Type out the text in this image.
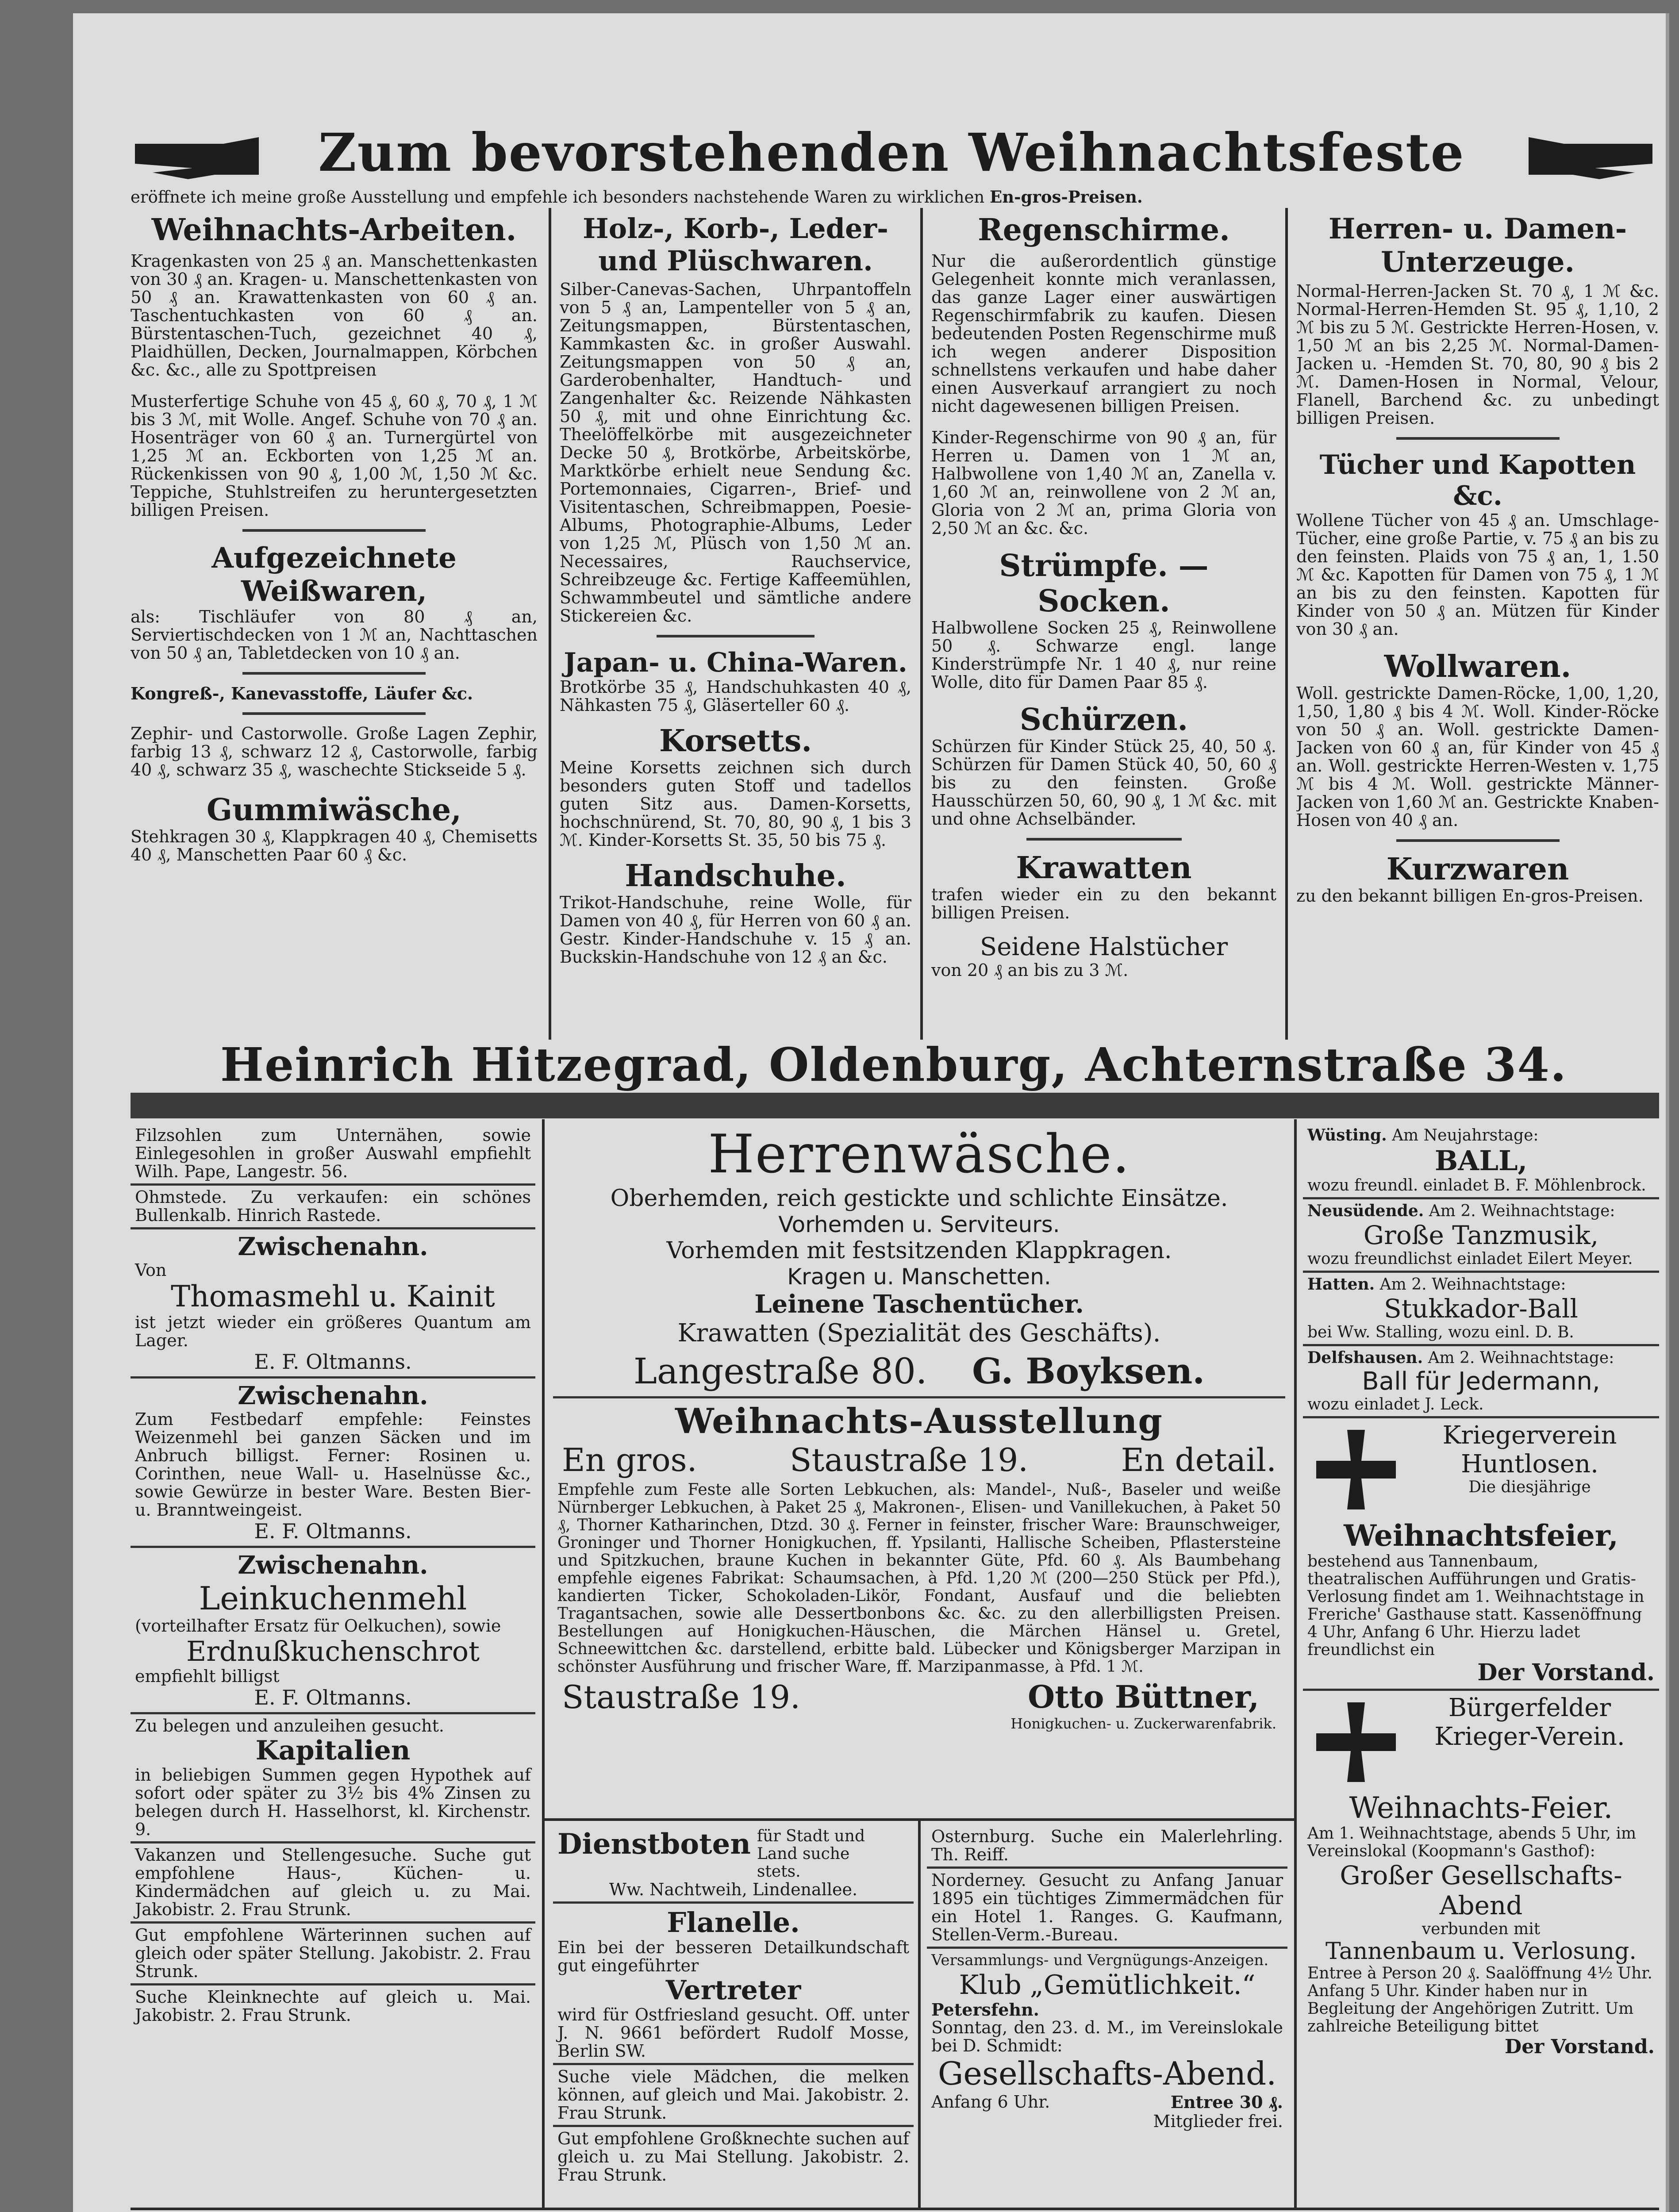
Zum bevorstehenden Weihnachtsfeste
eröffnete ich meine große Ausstellung und empfehle ich besonders nachstehende Waren zu wirklichen En-gros-Preisen.
Weihnachts-Arbeiten.
Kragenkasten von 25 ₰ an. Manschettenkasten von 30 ₰ an. Kragen- u. Manschettenkasten von 50 ₰ an. Krawattenkasten von 60 ₰ an. Taschentuchkasten von 60 ₰ an. Bürstentaschen-Tuch, gezeichnet 40 ₰, Plaidhüllen, Decken, Journalmappen, Körbchen &c. &c., alle zu Spottpreisen
Musterfertige Schuhe von 45 ₰, 60 ₰, 70 ₰, 1 ℳ bis 3 ℳ, mit Wolle. Angef. Schuhe von 70 ₰ an. Hosenträger von 60 ₰ an. Turnergürtel von 1,25 ℳ an. Eckborten von 1,25 ℳ an. Rückenkissen von 90 ₰, 1,00 ℳ, 1,50 ℳ &c. Teppiche, Stuhlstreifen zu heruntergesetzten billigen Preisen.
Aufgezeichnete Weißwaren,
als: Tischläufer von 80 ₰ an, Serviertischdecken von 1 ℳ an, Nachttaschen von 50 ₰ an, Tabletdecken von 10 ₰ an.
Kongreß-, Kanevasstoffe, Läufer &c.
Zephir- und Castorwolle. Große Lagen Zephir, farbig 13 ₰, schwarz 12 ₰, Castorwolle, farbig 40 ₰, schwarz 35 ₰, waschechte Stickseide 5 ₰.
Gummiwäsche,
Stehkragen 30 ₰, Klappkragen 40 ₰, Chemisetts 40 ₰, Manschetten Paar 60 ₰ &c.
Holz-, Korb-, Leder- und Plüschwaren.
Silber-Canevas-Sachen, Uhrpantoffeln von 5 ₰ an, Lampenteller von 5 ₰ an, Zeitungsmappen, Bürstentaschen, Kammkasten &c. in großer Auswahl. Zeitungsmappen von 50 ₰ an, Garderobenhalter, Handtuch- und Zangenhalter &c. Reizende Nähkasten 50 ₰, mit und ohne Einrichtung &c. Theelöffelkörbe mit ausgezeichneter Decke 50 ₰, Brotkörbe, Arbeitskörbe, Marktkörbe erhielt neue Sendung &c. Portemonnaies, Cigarren-, Brief- und Visitentaschen, Schreibmappen, Poesie-Albums, Photographie-Albums, Leder von 1,25 ℳ, Plüsch von 1,50 ℳ an. Necessaires, Rauchservice, Schreibzeuge &c. Fertige Kaffeemühlen, Schwammbeutel und sämtliche andere Stickereien &c.
Japan- u. China-Waren.
Brotkörbe 35 ₰, Handschuhkasten 40 ₰, Nähkasten 75 ₰, Gläserteller 60 ₰.
Korsetts.
Meine Korsetts zeichnen sich durch besonders guten Stoff und tadellos guten Sitz aus. Damen-Korsetts, hochschnürend, St. 70, 80, 90 ₰, 1 bis 3 ℳ. Kinder-Korsetts St. 35, 50 bis 75 ₰.
Handschuhe.
Trikot-Handschuhe, reine Wolle, für Damen von 40 ₰, für Herren von 60 ₰ an. Gestr. Kinder-Handschuhe v. 15 ₰ an. Buckskin-Handschuhe von 12 ₰ an &c.
Regenschirme.
Nur die außerordentlich günstige Gelegenheit konnte mich veranlassen, das ganze Lager einer auswärtigen Regenschirmfabrik zu kaufen. Diesen bedeutenden Posten Regenschirme muß ich wegen anderer Disposition schnellstens verkaufen und habe daher einen Ausverkauf arrangiert zu noch nicht dagewesenen billigen Preisen.
Kinder-Regenschirme von 90 ₰ an, für Herren u. Damen von 1 ℳ an, Halbwollene von 1,40 ℳ an, Zanella v. 1,60 ℳ an, reinwollene von 2 ℳ an, Gloria von 2 ℳ an, prima Gloria von 2,50 ℳ an &c. &c.
Strümpfe. — Socken.
Halbwollene Socken 25 ₰, Reinwollene 50 ₰. Schwarze engl. lange Kinderstrümpfe Nr. 1 40 ₰, nur reine Wolle, dito für Damen Paar 85 ₰.
Schürzen.
Schürzen für Kinder Stück 25, 40, 50 ₰. Schürzen für Damen Stück 40, 50, 60 ₰ bis zu den feinsten. Große Hausschürzen 50, 60, 90 ₰, 1 ℳ &c. mit und ohne Achselbänder.
Krawatten
trafen wieder ein zu den bekannt billigen Preisen.
Seidene Halstücher
von 20 ₰ an bis zu 3 ℳ.
Herren- u. Damen-Unterzeuge.
Normal-Herren-Jacken St. 70 ₰, 1 ℳ &c. Normal-Herren-Hemden St. 95 ₰, 1,10, 2 ℳ bis zu 5 ℳ. Gestrickte Herren-Hosen, v. 1,50 ℳ an bis 2,25 ℳ. Normal-Damen-Jacken u. -Hemden St. 70, 80, 90 ₰ bis 2 ℳ. Damen-Hosen in Normal, Velour, Flanell, Barchend &c. zu unbedingt billigen Preisen.
Tücher und Kapotten &c.
Wollene Tücher von 45 ₰ an. Umschlage-Tücher, eine große Partie, v. 75 ₰ an bis zu den feinsten. Plaids von 75 ₰ an, 1, 1.50 ℳ &c. Kapotten für Damen von 75 ₰, 1 ℳ an bis zu den feinsten. Kapotten für Kinder von 50 ₰ an. Mützen für Kinder von 30 ₰ an.
Wollwaren.
Woll. gestrickte Damen-Röcke, 1,00, 1,20, 1,50, 1,80 ₰ bis 4 ℳ. Woll. Kinder-Röcke von 50 ₰ an. Woll. gestrickte Damen-Jacken von 60 ₰ an, für Kinder von 45 ₰ an. Woll. gestrickte Herren-Westen v. 1,75 ℳ bis 4 ℳ. Woll. gestrickte Männer-Jacken von 1,60 ℳ an. Gestrickte Knaben-Hosen von 40 ₰ an.
Kurzwaren
zu den bekannt billigen En-gros-Preisen.
Heinrich Hitzegrad, Oldenburg, Achternstraße 34.
Filzsohlen zum Unternähen, sowie Einlegesohlen in großer Auswahl empfiehlt Wilh. Pape, Langestr. 56.
Ohmstede. Zu verkaufen: ein schönes Bullenkalb. Hinrich Rastede.
Zwischenahn.
Von
Thomasmehl u. Kainit
ist jetzt wieder ein größeres Quantum am Lager.
E. F. Oltmanns.
Zwischenahn.
Zum Festbedarf empfehle: Feinstes Weizenmehl bei ganzen Säcken und im Anbruch billigst. Ferner: Rosinen u. Corinthen, neue Wall- u. Haselnüsse &c., sowie Gewürze in bester Ware. Besten Bier- u. Branntweingeist.
E. F. Oltmanns.
Zwischenahn.
Leinkuchenmehl
(vorteilhafter Ersatz für Oelkuchen), sowie
Erdnußkuchenschrot
empfiehlt billigst
E. F. Oltmanns.
Zu belegen und anzuleihen gesucht.
Kapitalien
in beliebigen Summen gegen Hypothek auf sofort oder später zu 3½ bis 4% Zinsen zu belegen durch H. Hasselhorst, kl. Kirchenstr. 9.
Vakanzen und Stellengesuche. Suche gut empfohlene Haus-, Küchen- u. Kindermädchen auf gleich u. zu Mai. Jakobistr. 2. Frau Strunk.
Gut empfohlene Wärterinnen suchen auf gleich oder später Stellung. Jakobistr. 2. Frau Strunk.
Suche Kleinknechte auf gleich u. Mai. Jakobistr. 2. Frau Strunk.
Herrenwäsche.
Oberhemden, reich gestickte und schlichte Einsätze.
Vorhemden u. Serviteurs.
Vorhemden mit festsitzenden Klappkragen.
Kragen u. Manschetten.
Leinene Taschentücher.
Krawatten (Spezialität des Geschäfts).
Langestraße 80. G. Boyksen.
Weihnachts-Ausstellung
En gros.	Staustraße 19.	En detail.
Empfehle zum Feste alle Sorten Lebkuchen, als: Mandel-, Nuß-, Baseler und weiße Nürnberger Lebkuchen, à Paket 25 ₰, Makronen-, Elisen- und Vanillekuchen, à Paket 50 ₰, Thorner Katharinchen, Dtzd. 30 ₰. Ferner in feinster, frischer Ware: Braunschweiger, Groninger und Thorner Honigkuchen, ff. Ypsilanti, Hallische Scheiben, Pflastersteine und Spitzkuchen, braune Kuchen in bekannter Güte, Pfd. 60 ₰. Als Baumbehang empfehle eigenes Fabrikat: Schaumsachen, à Pfd. 1,20 ℳ (200—250 Stück per Pfd.), kandierten Ticker, Schokoladen-Likör, Fondant, Ausfauf und die beliebten Tragantsachen, sowie alle Dessertbonbons &c. &c. zu den allerbilligsten Preisen. Bestellungen auf Honigkuchen-Häuschen, die Märchen Hänsel u. Gretel, Schneewittchen &c. darstellend, erbitte bald. Lübecker und Königsberger Marzipan in schönster Ausführung und frischer Ware, ff. Marzipanmasse, à Pfd. 1 ℳ.
Staustraße 19.	Otto Büttner,
Honigkuchen- u. Zuckerwarenfabrik.
Dienstboten für Stadt und Land suche stets.
Ww. Nachtweih, Lindenallee.
Flanelle.
Ein bei der besseren Detailkundschaft gut eingeführter
Vertreter
wird für Ostfriesland gesucht. Off. unter J. N. 9661 befördert Rudolf Mosse, Berlin SW.
Suche viele Mädchen, die melken können, auf gleich und Mai. Jakobistr. 2. Frau Strunk.
Gut empfohlene Großknechte suchen auf gleich u. zu Mai Stellung. Jakobistr. 2. Frau Strunk.
Osternburg. Suche ein Malerlehrling. Th. Reiff.
Norderney. Gesucht zu Anfang Januar 1895 ein tüchtiges Zimmermädchen für ein Hotel 1. Ranges. G. Kaufmann, Stellen-Verm.-Bureau.
Versammlungs- und Vergnügungs-Anzeigen.
Klub „Gemütlichkeit.“
Petersfehn.
Sonntag, den 23. d. M., im Vereinslokale bei D. Schmidt:
Gesellschafts-Abend.
Anfang 6 Uhr.	Entree 30 ₰.
Mitglieder frei.
Wüsting. Am Neujahrstage:
BALL,
wozu freundl. einladet B. F. Möhlenbrock.
Neusüdende. Am 2. Weihnachtstage:
Große Tanzmusik,
wozu freundlichst einladet Eilert Meyer.
Hatten. Am 2. Weihnachtstage:
Stukkador-Ball
bei Ww. Stalling, wozu einl. D. B.
Delfshausen. Am 2. Weihnachtstage:
Ball für Jedermann,
wozu einladet J. Leck.
Kriegerverein Huntlosen.
Die diesjährige
Weihnachtsfeier,
bestehend aus Tannenbaum, theatralischen Aufführungen und Gratis-Verlosung findet am 1. Weihnachtstage in Freriche' Gasthause statt. Kassenöffnung 4 Uhr, Anfang 6 Uhr. Hierzu ladet freundlichst ein
Der Vorstand.
Bürgerfelder Krieger-Verein.
Weihnachts-Feier.
Am 1. Weihnachtstage, abends 5 Uhr, im Vereinslokal (Koopmann's Gasthof):
Großer Gesellschafts-Abend
verbunden mit
Tannenbaum u. Verlosung.
Entree à Person 20 ₰. Saalöffnung 4½ Uhr. Anfang 5 Uhr. Kinder haben nur in Begleitung der Angehörigen Zutritt. Um zahlreiche Beteiligung bittet
Der Vorstand.
